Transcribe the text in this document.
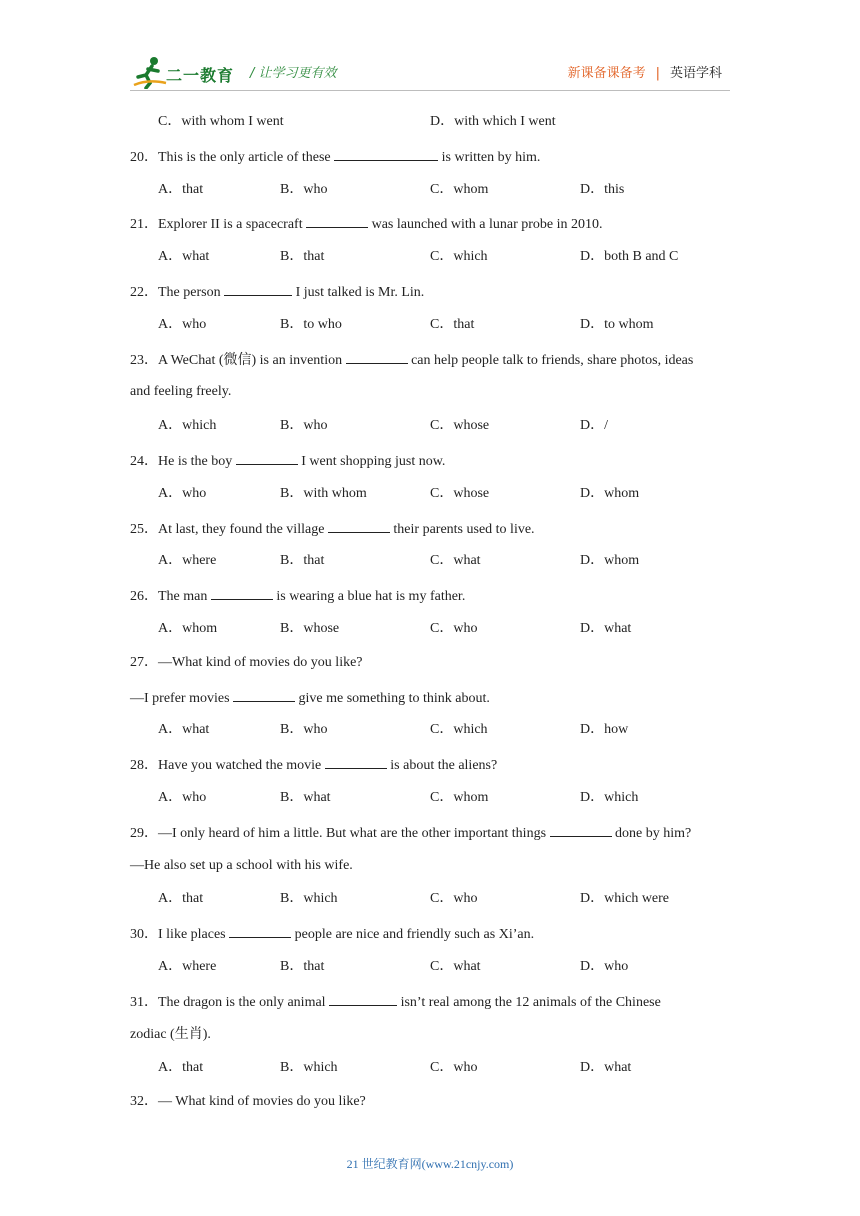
二一教育 / 让学习更有效	新课备课备考 | 英语学科
C．with whom I went	D．with which I went
20．This is the only article of these	is written by him.
A．that	B．who	C．whom	D．this
21．Explorer II is a spacecraft	was launched with a lunar probe in 2010.
A．what	B．that	C．which	D．both B and C
22．The person	I just talked is Mr. Lin.
A．who	B．to who	C．that	D．to whom
23．A WeChat (微信) is an invention	can help people talk to friends, share photos, ideas
and feeling freely.
A．which	B．who	C．whose	D．/
24．He is the boy	I went shopping just now.
A．who	B．with whom	C．whose	D．whom
25．At last, they found the village	their parents used to live.
A．where	B．that	C．what	D．whom
26．The man	is wearing a blue hat is my father.
A．whom	B．whose	C．who	D．what
27．—What kind of movies do you like?
—I prefer movies	give me something to think about.
A．what	B．who	C．which	D．how
28．Have you watched the movie	is about the aliens?
A．who	B．what	C．whom	D．which
29．—I only heard of him a little. But what are the other important things	done by him?
—He also set up a school with his wife.
A．that	B．which	C．who	D．which were
30．I like places	people are nice and friendly such as Xi’an.
A．where	B．that	C．what	D．who
31．The dragon is the only animal	isn’t real among the 12 animals of the Chinese
zodiac (生肖).
A．that	B．which	C．who	D．what
32．— What kind of movies do you like?
21 世纪教育网(www.21cnjy.com)
